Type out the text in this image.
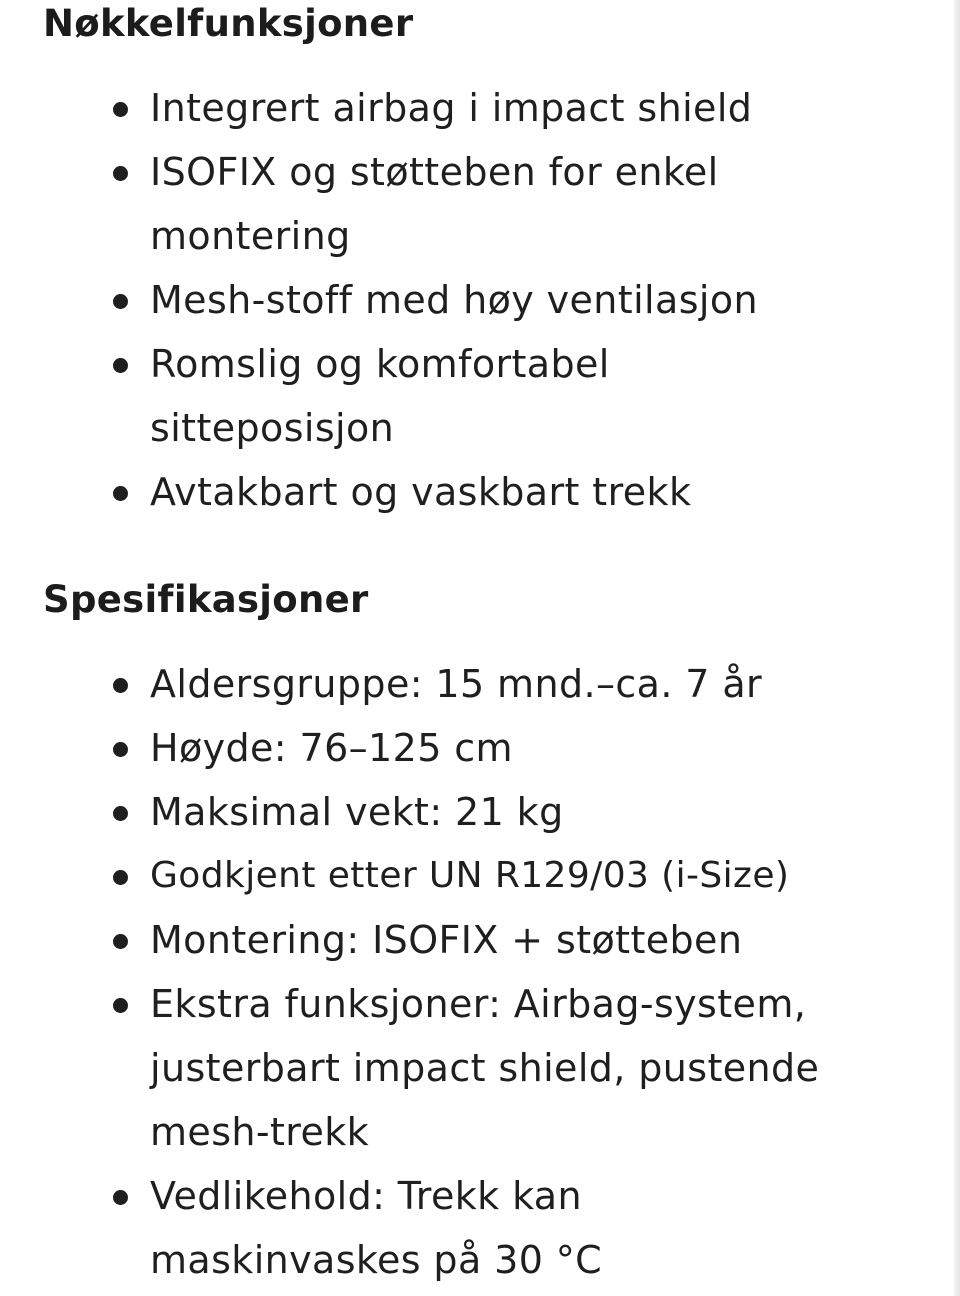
Nøkkelfunksjoner
Integrert airbag i impact shield
ISOFIX og støtteben for enkel montering
Mesh-stoff med høy ventilasjon
Romslig og komfortabel sitteposisjon
Avtakbart og vaskbart trekk
Spesifikasjoner
Aldersgruppe: 15 mnd.–ca. 7 år
Høyde: 76–125 cm
Maksimal vekt: 21 kg
Godkjent etter UN R129/03 (i-Size)
Montering: ISOFIX + støtteben
Ekstra funksjoner: Airbag-system, justerbart impact shield, pustende mesh-trekk
Vedlikehold: Trekk kan maskinvaskes på 30 °C
